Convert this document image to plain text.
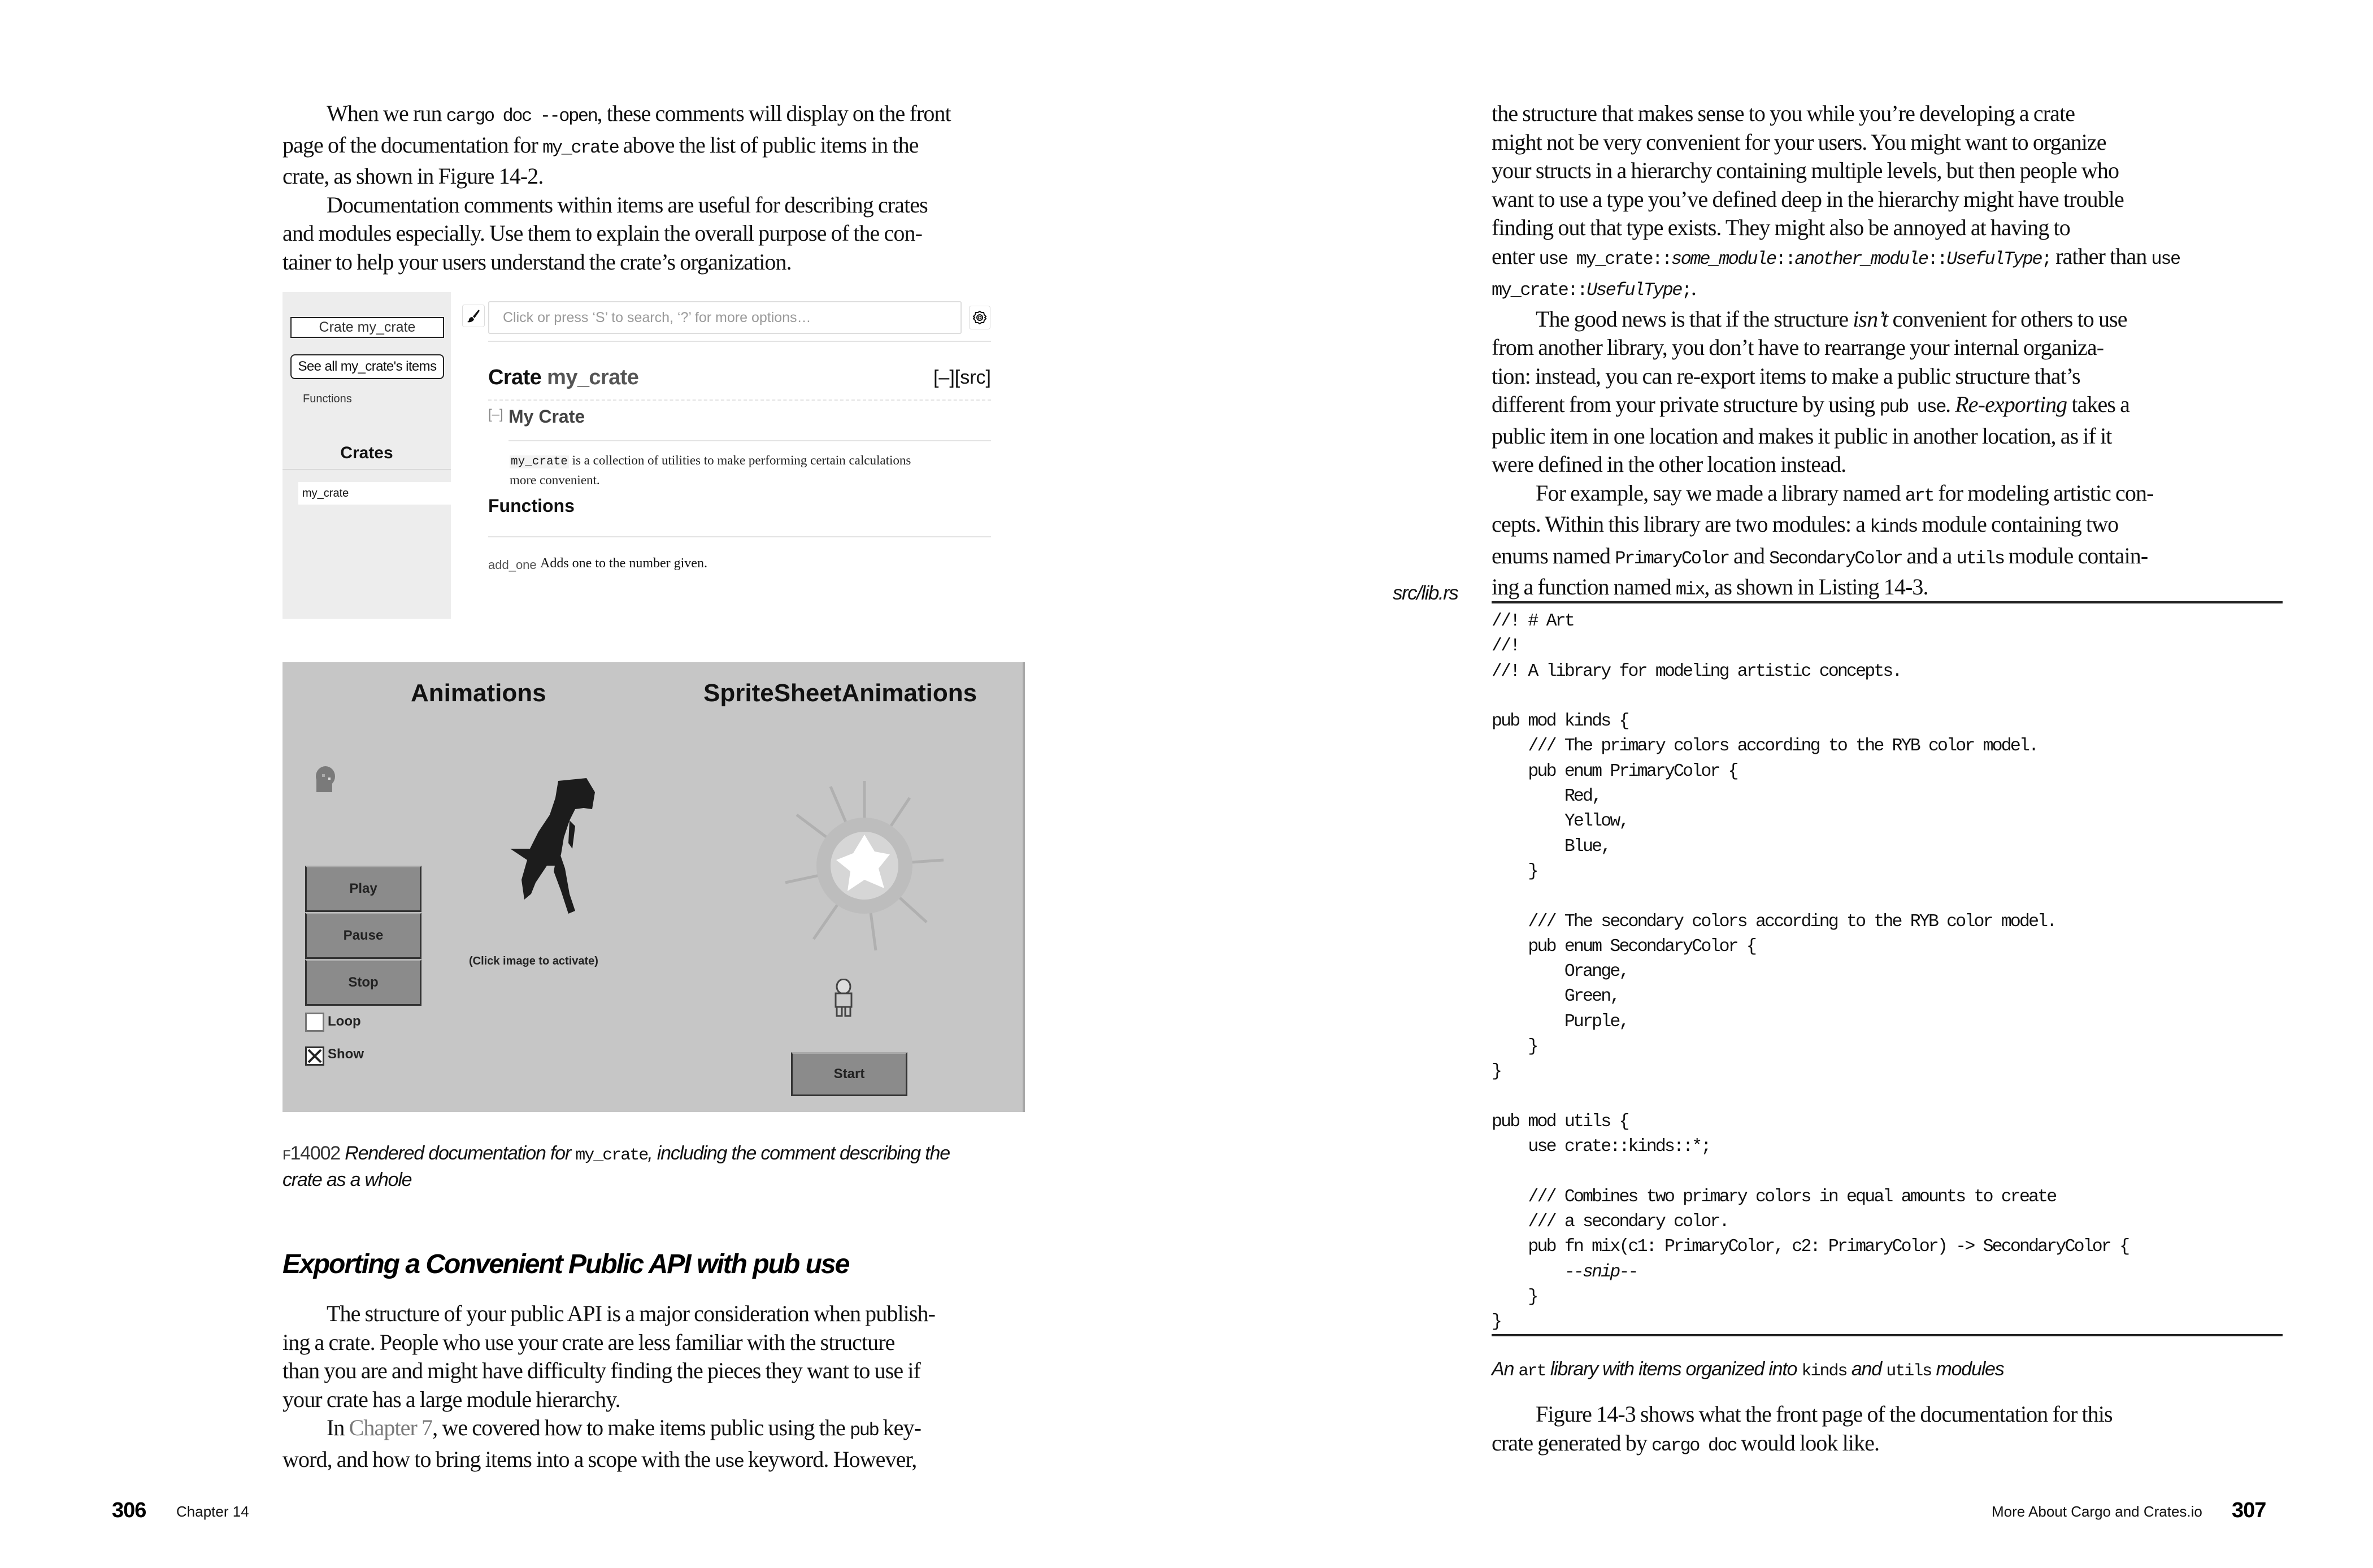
When we run cargo doc --open, these comments will display on the front
page of the documentation for my_crate above the list of public items in the
crate, as shown in Figure 14-2.

Documentation comments within items are useful for describing crates
and modules especially. Use them to explain the overall purpose of the con-
tainer to help your users understand the crate’s organization.

Crate my_crate
See all my_crate's items
Functions
Crates
my_crate
Click or press ‘S’ to search, ‘?’ for more options…
Crate my_crate	[–][src]
[–] My Crate
my_crate is a collection of utilities to make performing certain calculations
more convenient.
Functions
add_one Adds one to the number given.
Animations	SpriteSheetAnimations
Play
Pause
Stop
Loop
Show
(Click image to activate)
Start
F14002 Rendered documentation for my_crate, including the comment describing the
crate as a whole
Exporting a Convenient Public API with pub use

The structure of your public API is a major consideration when publish-
ing a crate. People who use your crate are less familiar with the structure
than you are and might have difficulty finding the pieces they want to use if
your crate has a large module hierarchy.

In Chapter 7, we covered how to make items public using the pub key-
word, and how to bring items into a scope with the use keyword. However,

306 Chapter 14

the structure that makes sense to you while you’re developing a crate
might not be very convenient for your users. You might want to organize
your structs in a hierarchy containing multiple levels, but then people who
want to use a type you’ve defined deep in the hierarchy might have trouble
finding out that type exists. They might also be annoyed at having to
enter use my_crate::some_module::another_module::UsefulType; rather than use
my_crate::UsefulType;.

The good news is that if the structure isn’t convenient for others to use
from another library, you don’t have to rearrange your internal organiza-
tion: instead, you can re-export items to make a public structure that’s
different from your private structure by using pub use. Re-exporting takes a
public item in one location and makes it public in another location, as if it
were defined in the other location instead.

For example, say we made a library named art for modeling artistic con-
cepts. Within this library are two modules: a kinds module containing two
enums named PrimaryColor and SecondaryColor and a utils module contain-
ing a function named mix, as shown in Listing 14-3.

src/lib.rs
//! # Art
//!
//! A library for modeling artistic concepts.

pub mod kinds {
/// The primary colors according to the RYB color model.
pub enum PrimaryColor {
Red,
Yellow,
Blue,
}

/// The secondary colors according to the RYB color model.
pub enum SecondaryColor {
Orange,
Green,
Purple,
}
}

pub mod utils {
use crate::kinds::*;

/// Combines two primary colors in equal amounts to create
/// a secondary color.
pub fn mix(c1: PrimaryColor, c2: PrimaryColor) -> SecondaryColor {
--snip--
}
}
An art library with items organized into kinds and utils modules

Figure 14-3 shows what the front page of the documentation for this
crate generated by cargo doc would look like.

More About Cargo and Crates.io 307
